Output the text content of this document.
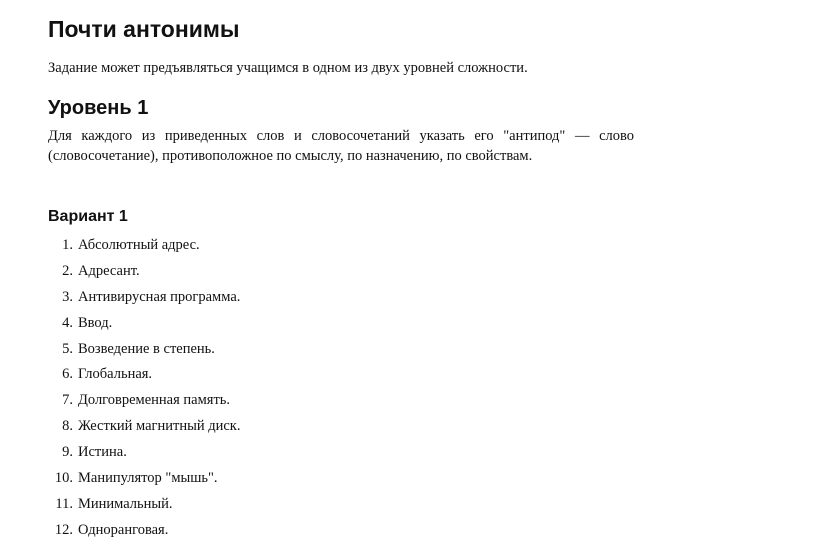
Почти антонимы
Задание может предъявляться учащимся в одном из двух уровней сложности.
Уровень 1
Для каждого из приведенных слов и словосочетаний указать его "антипод" — слово (словосочетание), противоположное по смыслу, по назначению, по свойствам.
Вариант 1
1. Абсолютный адрес.
2. Адресант.
3. Антивирусная программа.
4. Ввод.
5. Возведение в степень.
6. Глобальная.
7. Долговременная память.
8. Жесткий магнитный диск.
9. Истина.
10. Манипулятор "мышь".
11. Минимальный.
12. Одноранговая.
